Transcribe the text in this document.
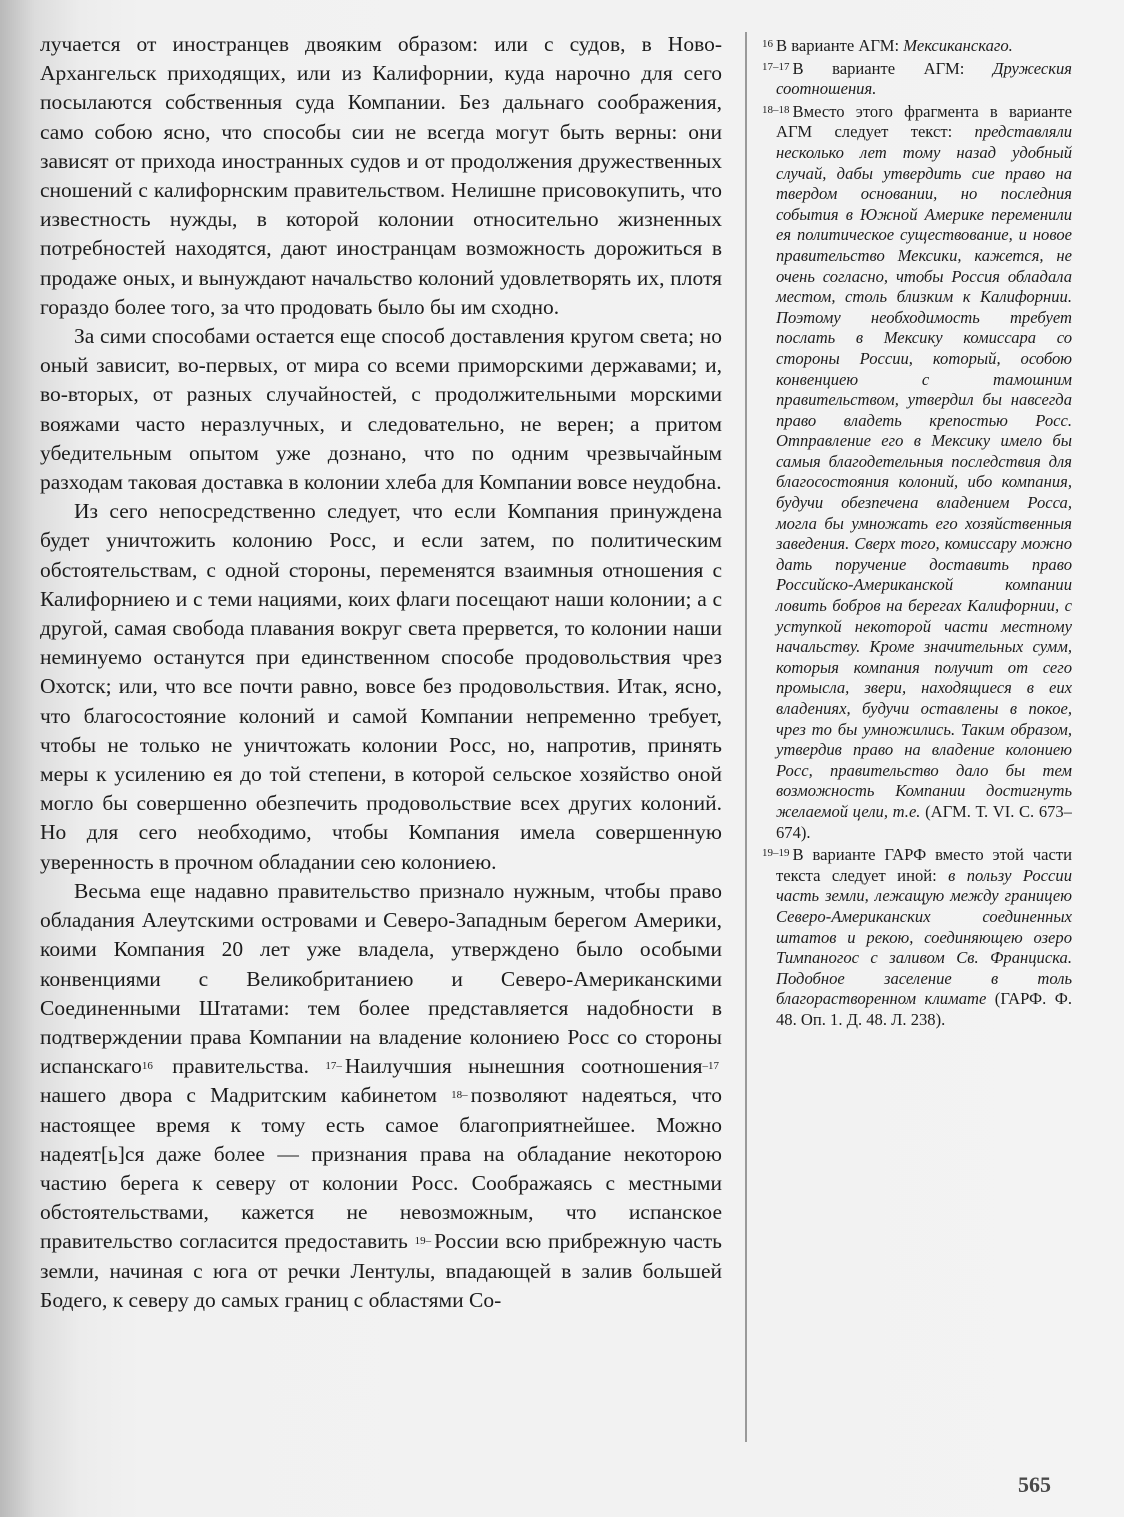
лучается от иностранцев двояким образом: или с судов, в Ново-Архангельск приходящих, или из Калифорнии, куда нарочно для сего посылаются собственныя суда Компании. Без дальнаго соображения, само собою ясно, что способы сии не всегда могут быть верны: они зависят от прихода иностранных судов и от продолжения дружественных сношений с калифорнским правительством. Нелишне присовокупить, что известность нужды, в которой колонии относительно жизненных потребностей находятся, дают иностранцам возможность дорожиться в продаже оных, и вынуждают начальство колоний удовлетворять их, плотя гораздо более того, за что продовать было бы им сходно.

За сими способами остается еще способ доставления кругом света; но оный зависит, во-первых, от мира со всеми приморскими державами; и, во-вторых, от разных случайностей, с продолжительными морскими вояжами часто неразлучных, и следовательно, не верен; а притом убедительным опытом уже дознано, что по одним чрезвычайным разходам таковая доставка в колонии хлеба для Компании вовсе неудобна.

Из сего непосредственно следует, что если Компания принуждена будет уничтожить колонию Росс, и если затем, по политическим обстоятельствам, с одной стороны, переменятся взаимныя отношения с Калифорниею и с теми нациями, коих флаги посещают наши колонии; а с другой, самая свобода плавания вокруг света прервется, то колонии наши неминуемо останутся при единственном способе продовольствия чрез Охотск; или, что все почти равно, вовсе без продовольствия. Итак, ясно, что благосостояние колоний и самой Компании непременно требует, чтобы не только не уничтожать колонии Росс, но, напротив, принять меры к усилению ея до той степени, в которой сельское хозяйство оной могло бы совершенно обезпечить продовольствие всех других колоний. Но для сего необходимо, чтобы Компания имела совершенную уверенность в прочном обладании сею колониею.

Весьма еще надавно правительство признало нужным, чтобы право обладания Алеутскими островами и Северо-Западным берегом Америки, коими Компания 20 лет уже владела, утверждено было особыми конвенциями с Великобританиею и Северо-Американскими Соединенными Штатами: тем более представляется надобности в подтверждении права Компании на владение колониею Росс со стороны испанскаго$^{16}$ правительства. $^{17-}$ Наилучшия нынешния соотношения$^{-17}$ нашего двора с Мадритским кабинетом $^{18-}$ позволяют надеяться, что настоящее время к тому есть самое благоприятнейшее. Можно надеят[ь]ся даже более — признания права на обладание некоторою частию берега к северу от колонии Росс. Соображаясь с местными обстоятельствами, кажется не невозможным, что испанское правительство согласится предоставить $^{19-}$ России всю прибрежную часть земли, начиная с юга от речки Лентулы, впадающей в залив большей Бодего, к северу до самых границ с областями Со-

$^{16}$ В варианте АГМ: Мексиканскаго.

$^{17-17}$ В варианте АГМ: Дружеския соотношения.

$^{18-18}$ Вместо этого фрагмента в варианте АГМ следует текст: представляли несколько лет тому назад удобный случай, дабы утвердить сие право на твердом основании, но последния события в Южной Америке переменили ея политическое существование, и новое правительство Мексики, кажется, не очень согласно, чтобы Россия обладала местом, столь близким к Калифорнии. Поэтому необходимость требует послать в Мексику комиссара со стороны России, который, особою конвенциею с тамошним правительством, утвердил бы навсегда право владеть крепостью Росс. Отправление его в Мексику имело бы самыя благодетельныя последствия для благосостояния колоний, ибо компания, будучи обезпечена владением Росса, могла бы умножать его хозяйственныя заведения. Сверх того, комиссару можно дать поручение доставить право Российско-Американской компании ловить бобров на берегах Калифорнии, с уступкой некоторой части местному начальству. Кроме значительных сумм, которыя компания получит от сего промысла, звери, находящиеся в еих владениях, будучи оставлены в покое, чрез то бы умножились. Таким образом, утвердив право на владение колониею Росс, правительство дало бы тем возможность Компании достигнуть желаемой цели, т.е. (АГМ. Т. VI. С. 673–674).

$^{19-19}$ В варианте ГАРФ вместо этой части текста следует иной: в пользу России часть земли, лежащую между границею Северо-Американских соединенных штатов и рекою, соединяющею озеро Тимпаногос с заливом Св. Франциска. Подобное заселение в толь благорастворенном климате (ГАРФ. Ф. 48. Оп. 1. Д. 48. Л. 238).

565
